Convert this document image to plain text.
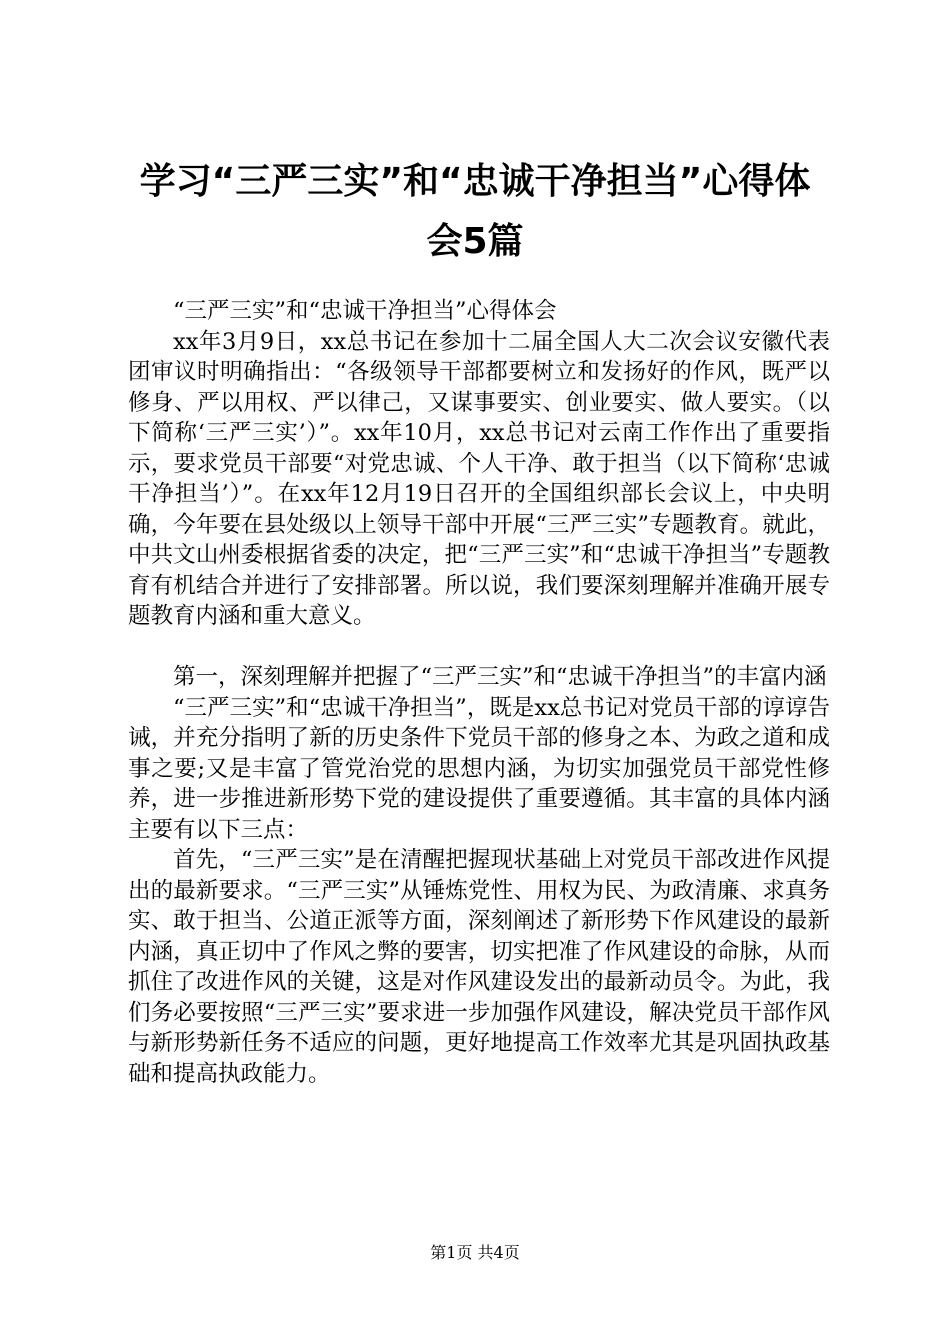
学习“三严三实”和“忠诚干净担当”心得体
会5篇

“三严三实”和“忠诚干净担当”心得体会

xx年3月9日，xx总书记在参加十二届全国人大二次会议安徽代表团审议时明确指出：“各级领导干部都要树立和发扬好的作风，既严以修身、严以用权、严以律己，又谋事要实、创业要实、做人要实。（以下简称‘三严三实’）”。xx年10月，xx总书记对云南工作作出了重要指示，要求党员干部要“对党忠诚、个人干净、敢于担当（以下简称‘忠诚干净担当’）”。在xx年12月19日召开的全国组织部长会议上，中央明确，今年要在县处级以上领导干部中开展“三严三实”专题教育。就此，中共文山州委根据省委的决定，把“三严三实”和“忠诚干净担当”专题教育有机结合并进行了安排部署。所以说，我们要深刻理解并准确开展专题教育内涵和重大意义。

第一，深刻理解并把握了“三严三实”和“忠诚干净担当”的丰富内涵

“三严三实”和“忠诚干净担当”，既是xx总书记对党员干部的谆谆告诫，并充分指明了新的历史条件下党员干部的修身之本、为政之道和成事之要;又是丰富了管党治党的思想内涵，为切实加强党员干部党性修养，进一步推进新形势下党的建设提供了重要遵循。其丰富的具体内涵主要有以下三点：

首先，“三严三实”是在清醒把握现状基础上对党员干部改进作风提出的最新要求。“三严三实”从锤炼党性、用权为民、为政清廉、求真务实、敢于担当、公道正派等方面，深刻阐述了新形势下作风建设的最新内涵，真正切中了作风之弊的要害，切实把准了作风建设的命脉，从而抓住了改进作风的关键，这是对作风建设发出的最新动员令。为此，我们务必要按照“三严三实”要求进一步加强作风建设，解决党员干部作风与新形势新任务不适应的问题，更好地提高工作效率尤其是巩固执政基础和提高执政能力。

第1页 共4页
